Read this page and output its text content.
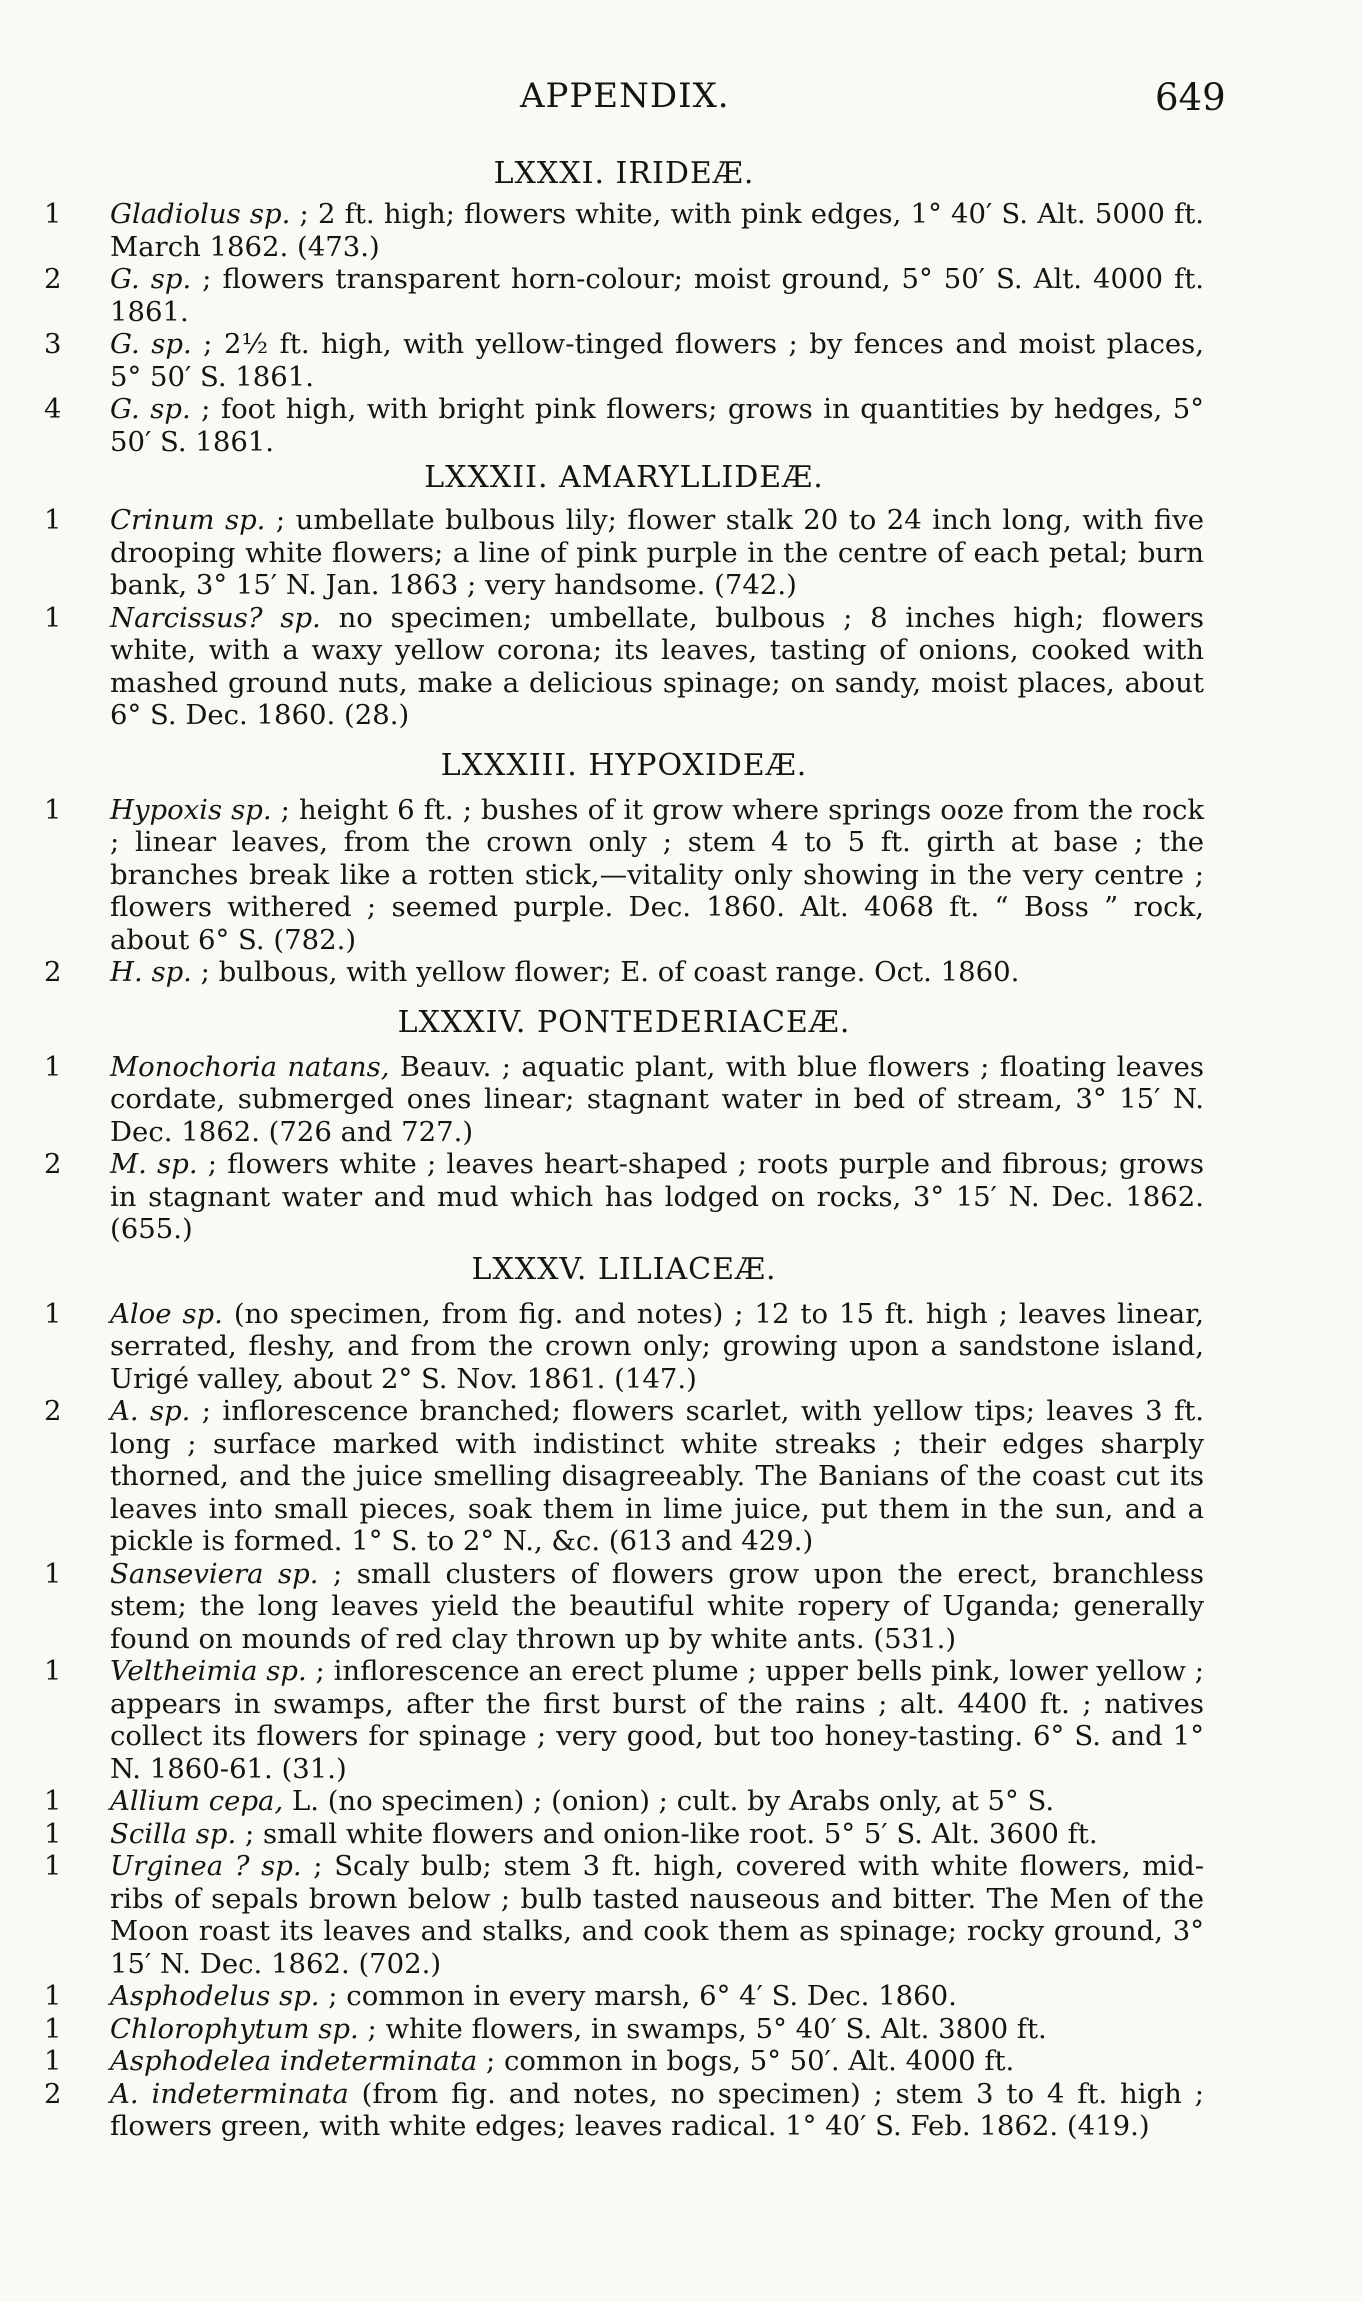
APPENDIX.	649
LXXXI. IRIDEÆ.
1	Gladiolus sp. ; 2 ft. high; flowers white, with pink edges, 1° 40′ S. Alt. 5000 ft. March 1862. (473.)
2	G. sp. ; flowers transparent horn-colour; moist ground, 5° 50′ S. Alt. 4000 ft. 1861.
3	G. sp. ; 2½ ft. high, with yellow-tinged flowers ; by fences and moist places, 5° 50′ S. 1861.
4	G. sp. ; foot high, with bright pink flowers; grows in quantities by hedges, 5° 50′ S. 1861.
LXXXII. AMARYLLIDEÆ.
1	Crinum sp. ; umbellate bulbous lily; flower stalk 20 to 24 inch long, with five drooping white flowers; a line of pink purple in the centre of each petal; burn bank, 3° 15′ N. Jan. 1863 ; very handsome. (742.)
1	Narcissus? sp. no specimen; umbellate, bulbous ; 8 inches high; flowers white, with a waxy yellow corona; its leaves, tasting of onions, cooked with mashed ground nuts, make a delicious spinage; on sandy, moist places, about 6° S. Dec. 1860. (28.)
LXXXIII. HYPOXIDEÆ.
1	Hypoxis sp. ; height 6 ft. ; bushes of it grow where springs ooze from the rock ; linear leaves, from the crown only ; stem 4 to 5 ft. girth at base ; the branches break like a rotten stick,—vitality only showing in the very centre ; flowers withered ; seemed purple. Dec. 1860. Alt. 4068 ft. “ Boss ” rock, about 6° S. (782.)
2	H. sp. ; bulbous, with yellow flower; E. of coast range. Oct. 1860.
LXXXIV. PONTEDERIACEÆ.
1	Monochoria natans, Beauv. ; aquatic plant, with blue flowers ; floating leaves cordate, submerged ones linear; stagnant water in bed of stream, 3° 15′ N. Dec. 1862. (726 and 727.)
2	M. sp. ; flowers white ; leaves heart-shaped ; roots purple and fibrous; grows in stagnant water and mud which has lodged on rocks, 3° 15′ N. Dec. 1862. (655.)
LXXXV. LILIACEÆ.
1	Aloe sp. (no specimen, from fig. and notes) ; 12 to 15 ft. high ; leaves linear, serrated, fleshy, and from the crown only; growing upon a sandstone island, Urigé valley, about 2° S. Nov. 1861. (147.)
2	A. sp. ; inflorescence branched; flowers scarlet, with yellow tips; leaves 3 ft. long ; surface marked with indistinct white streaks ; their edges sharply thorned, and the juice smelling disagreeably. The Banians of the coast cut its leaves into small pieces, soak them in lime juice, put them in the sun, and a pickle is formed. 1° S. to 2° N., &c. (613 and 429.)
1	Sanseviera sp. ; small clusters of flowers grow upon the erect, branchless stem; the long leaves yield the beautiful white ropery of Uganda; generally found on mounds of red clay thrown up by white ants. (531.)
1	Veltheimia sp. ; inflorescence an erect plume ; upper bells pink, lower yellow ; appears in swamps, after the first burst of the rains ; alt. 4400 ft. ; natives collect its flowers for spinage ; very good, but too honey-tasting. 6° S. and 1° N. 1860-61. (31.)
1	Allium cepa, L. (no specimen) ; (onion) ; cult. by Arabs only, at 5° S.
1	Scilla sp. ; small white flowers and onion-like root. 5° 5′ S. Alt. 3600 ft.
1	Urginea ? sp. ; Scaly bulb; stem 3 ft. high, covered with white flowers, mid-ribs of sepals brown below ; bulb tasted nauseous and bitter. The Men of the Moon roast its leaves and stalks, and cook them as spinage; rocky ground, 3° 15′ N. Dec. 1862. (702.)
1	Asphodelus sp. ; common in every marsh, 6° 4′ S. Dec. 1860.
1	Chlorophytum sp. ; white flowers, in swamps, 5° 40′ S. Alt. 3800 ft.
1	Asphodelea indeterminata ; common in bogs, 5° 50′. Alt. 4000 ft.
2	A. indeterminata (from fig. and notes, no specimen) ; stem 3 to 4 ft. high ; flowers green, with white edges; leaves radical. 1° 40′ S. Feb. 1862. (419.)
